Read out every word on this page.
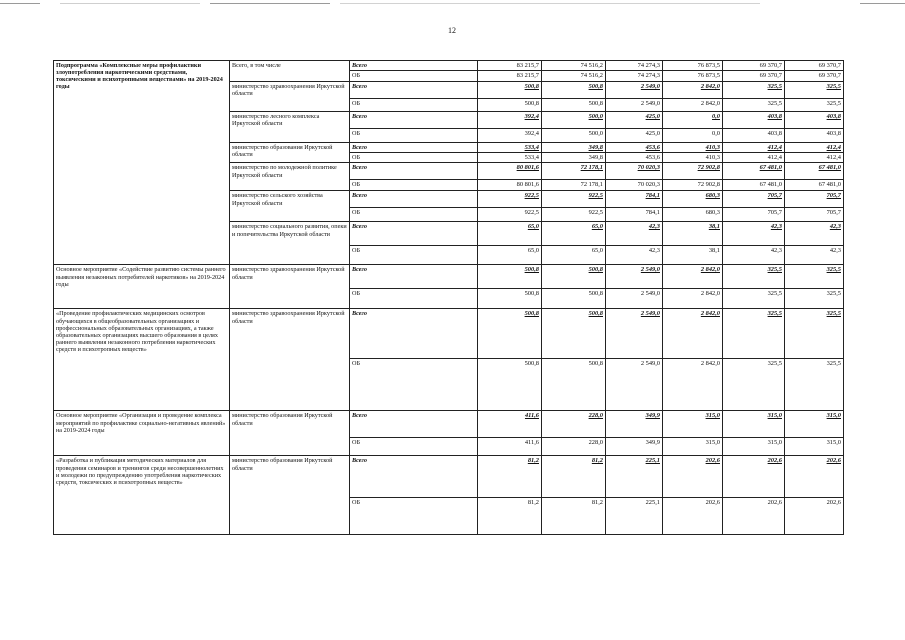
12
Подпрограмма «Комплексные меры профилактики злоупотребления наркотическими средствами, токсическими и психотропными веществами» на 2019-2024 годы	Всего, в том числе	Всего	83 215,7	74 516,2	74 274,3	76 873,5	69 370,7	69 370,7
		ОБ	83 215,7	74 516,2	74 274,3	76 873,5	69 370,7	69 370,7
	министерство здравоохранения Иркутской области	Всего	500,8	500,8	2 549,0	2 842,0	325,5	325,5
		ОБ	500,8	500,8	2 549,0	2 842,0	325,5	325,5
	министерство лесного комплекса Иркутской области	Всего	392,4	500,0	425,0	0,0	403,8	403,8
		ОБ	392,4	500,0	425,0	0,0	403,8	403,8
	министерство образования Иркутской области	Всего	533,4	349,8	453,6	410,3	412,4	412,4
		ОБ	533,4	349,8	453,6	410,3	412,4	412,4
	министерство по молодежной политике Иркутской области	Всего	80 801,6	72 178,1	70 020,3	72 902,8	67 481,0	67 481,0
		ОБ	80 801,6	72 178,1	70 020,3	72 902,8	67 481,0	67 481,0
	министерство сельского хозяйства Иркутской области	Всего	922,5	922,5	784,1	680,3	705,7	705,7
		ОБ	922,5	922,5	784,1	680,3	705,7	705,7
	министерство социального развития, опеки и попечительства Иркутской области	Всего	65,0	65,0	42,3	38,1	42,3	42,3
		ОБ	65,0	65,0	42,3	38,1	42,3	42,3
Основное мероприятие «Содействие развитию системы раннего выявления незаконных потребителей наркотиков» на 2019-2024 годы	министерство здравоохранения Иркутской области	Всего	500,8	500,8	2 549,0	2 842,0	325,5	325,5
		ОБ	500,8	500,8	2 549,0	2 842,0	325,5	325,5
«Проведение профилактических медицинских осмотров обучающихся в общеобразовательных организациях и профессиональных образовательных организациях, а также образовательных организациях высшего образования в целях раннего выявления незаконного потребления наркотических средств и психотропных веществ»	министерство здравоохранения Иркутской области	Всего	500,8	500,8	2 549,0	2 842,0	325,5	325,5
		ОБ	500,8	500,8	2 549,0	2 842,0	325,5	325,5
Основное мероприятие «Организация и проведение комплекса мероприятий по профилактике социально-негативных явлений» на 2019-2024 годы	министерство образования Иркутской области	Всего	411,6	228,0	349,9	315,0	315,0	315,0
		ОБ	411,6	228,0	349,9	315,0	315,0	315,0
«Разработка и публикация методических материалов для проведения семинаров и тренингов среди несовершеннолетних и молодежи по предупреждению употребления наркотических средств, токсических и психотропных веществ»	министерство образования Иркутской области	Всего	81,2	81,2	225,1	202,6	202,6	202,6
		ОБ	81,2	81,2	225,1	202,6	202,6	202,6
